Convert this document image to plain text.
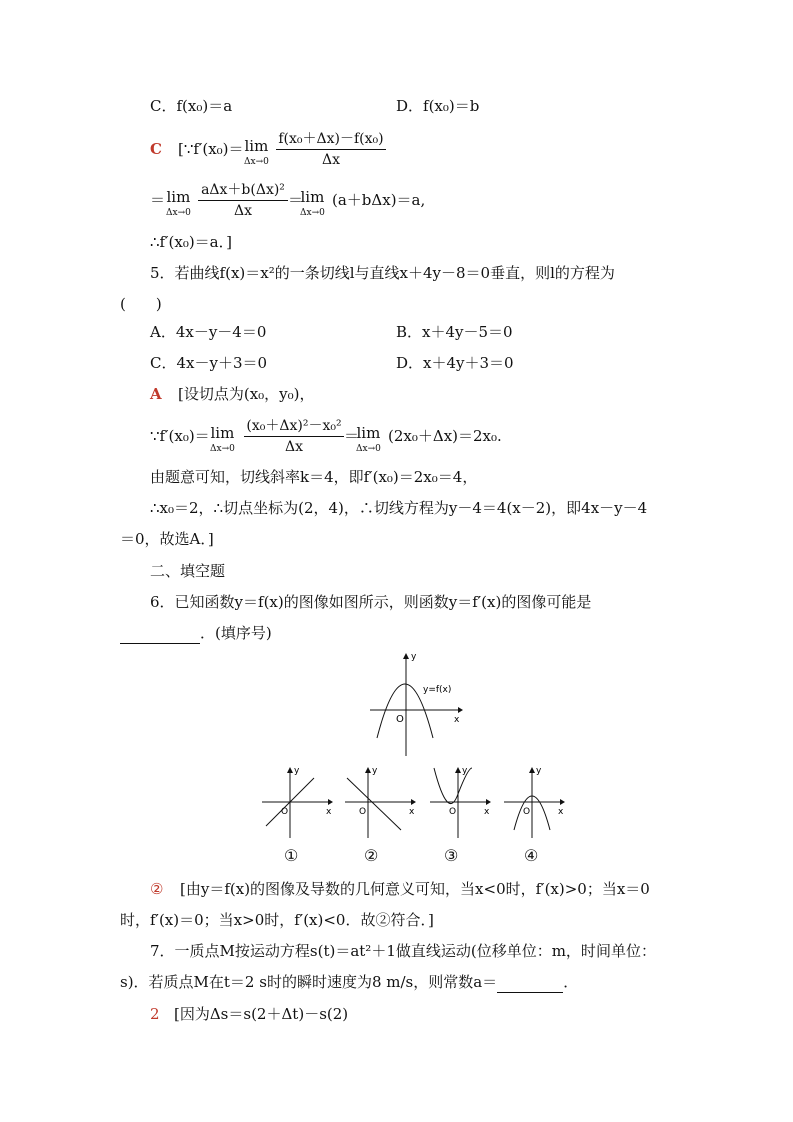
C．f(x₀)＝a	D．f(x₀)＝b
C [∵f′(x₀)＝ lim
Δx→0
f(x₀＋Δx)－f(x₀)
Δx
＝ lim
Δx→0
aΔx＋b(Δx)²
Δx
＝
lim
Δx→0
(a＋bΔx)＝a,
∴f′(x₀)＝a．]
5．若曲线f(x)＝x²的一条切线l与直线x＋4y－8＝0垂直，则l的方程为
(　　)
A．4x－y－4＝0	B．x＋4y－5＝0
C．4x－y＋3＝0	D．x＋4y＋3＝0
A [设切点为(x₀，y₀)，
∵f′(x₀)＝ lim
Δx→0
(x₀＋Δx)²－x₀²
Δx
＝
lim
Δx→0
(2x₀＋Δx)＝2x₀.
由题意可知，切线斜率k＝4，即f′(x₀)＝2x₀＝4，
∴x₀＝2，∴切点坐标为(2，4)，∴切线方程为y－4＝4(x－2)，即4x－y－4
＝0，故选A．]
二、填空题
6．已知函数y＝f(x)的图像如图所示，则函数y＝f′(x)的图像可能是
．(填序号)
y
x
O
y=f(x)
y
x
O
y
x
O
y
x
O
y
x
O
①	②	③	④
② [由y＝f(x)的图像及导数的几何意义可知，当x<0时，f′(x)>0；当x＝0
时，f′(x)＝0；当x>0时，f′(x)<0．故②符合．]
7．一质点M按运动方程s(t)＝at²＋1做直线运动(位移单位：m，时间单位：
s)．若质点M在t＝2 s时的瞬时速度为8 m/s，则常数a＝	．
2 [因为Δs＝s(2＋Δt)－s(2)
